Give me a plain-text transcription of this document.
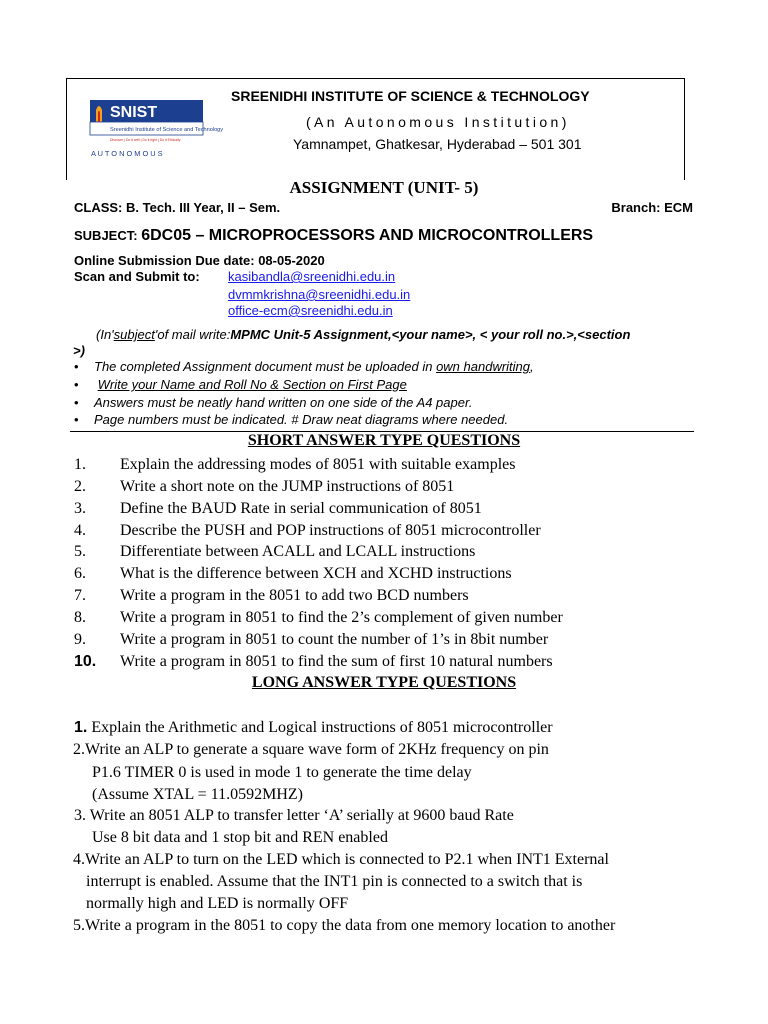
SNIST
Sreenidhi Institute of Science and Technology
Discover | Do it well | Do it right | Do it Ethically
A U T O N O M O U S
SREENIDHI INSTITUTE OF SCIENCE & TECHNOLOGY
(An Autonomous Institution)
Yamnampet, Ghatkesar, Hyderabad – 501 301
ASSIGNMENT (UNIT- 5)
CLASS: B. Tech. III Year, II – Sem.	Branch: ECM
SUBJECT: 6DC05 – MICROPROCESSORS AND MICROCONTROLLERS
Online Submission Due date: 08-05-2020
Scan and Submit to: kasibandla@sreenidhi.edu.in
dvmmkrishna@sreenidhi.edu.in
office-ecm@sreenidhi.edu.in
(In'subject'of mail write:MPMC Unit-5 Assignment,<your name>, < your roll no.>,<section
>)
• The completed Assignment document must be uploaded in own handwriting,
• Write your Name and Roll No & Section on First Page
• Answers must be neatly hand written on one side of the A4 paper.
• Page numbers must be indicated. # Draw neat diagrams where needed.
SHORT ANSWER TYPE QUESTIONS
1. Explain the addressing modes of 8051 with suitable examples
2. Write a short note on the JUMP instructions of 8051
3. Define the BAUD Rate in serial communication of 8051
4. Describe the PUSH and POP instructions of 8051 microcontroller
5. Differentiate between ACALL and LCALL instructions
6. What is the difference between XCH and XCHD instructions
7. Write a program in the 8051 to add two BCD numbers
8. Write a program in 8051 to find the 2’s complement of given number
9. Write a program in 8051 to count the number of 1’s in 8bit number
10. Write a program in 8051 to find the sum of first 10 natural numbers
LONG ANSWER TYPE QUESTIONS
1. Explain the Arithmetic and Logical instructions of 8051 microcontroller
2.Write an ALP to generate a square wave form of 2KHz frequency on pin
P1.6 TIMER 0 is used in mode 1 to generate the time delay
(Assume XTAL = 11.0592MHZ)
3. Write an 8051 ALP to transfer letter ‘A’ serially at 9600 baud Rate
Use 8 bit data and 1 stop bit and REN enabled
4.Write an ALP to turn on the LED which is connected to P2.1 when INT1 External
interrupt is enabled. Assume that the INT1 pin is connected to a switch that is
normally high and LED is normally OFF
5.Write a program in the 8051 to copy the data from one memory location to another
